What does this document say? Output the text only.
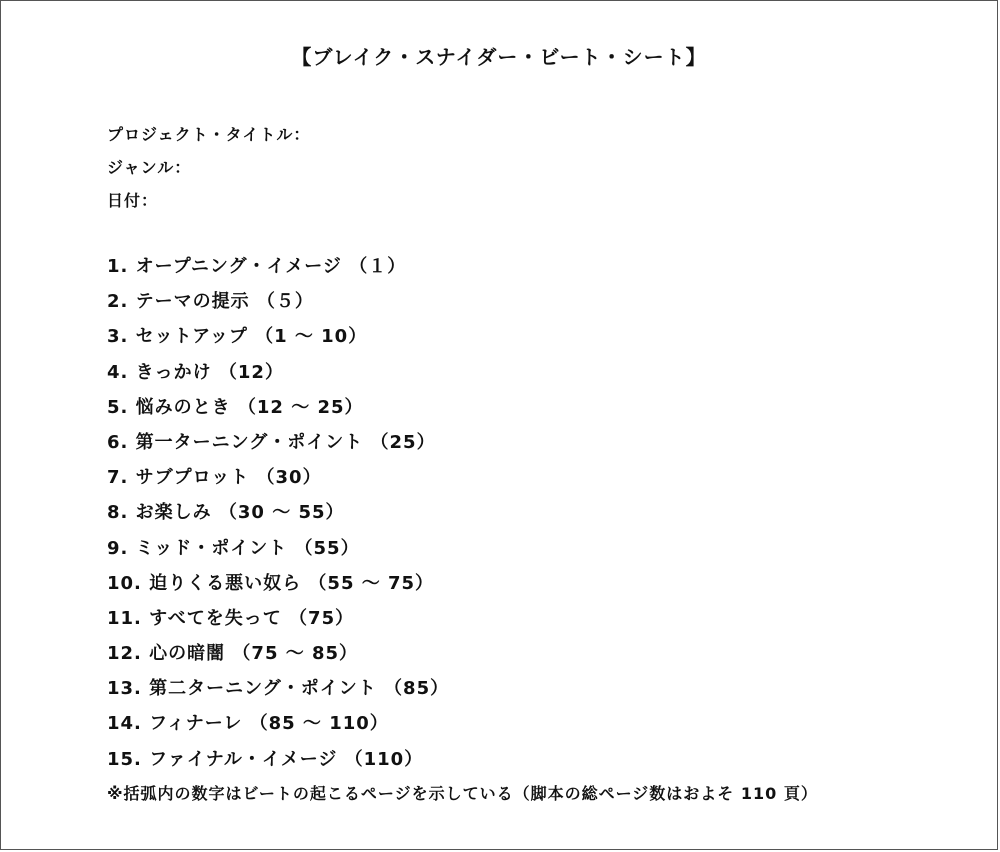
【ブレイク・スナイダー・ビート・シート】
プロジェクト・タイトル：
ジャンル：
日付：
1. オープニング・イメージ （１）
2. テーマの提示 （５）
3. セットアップ （1 ～ 10）
4. きっかけ （12）
5. 悩みのとき （12 ～ 25）
6. 第一ターニング・ポイント （25）
7. サブプロット （30）
8. お楽しみ （30 ～ 55）
9. ミッド・ポイント （55）
10. 迫りくる悪い奴ら （55 ～ 75）
11. すべてを失って （75）
12. 心の暗闇 （75 ～ 85）
13. 第二ターニング・ポイント （85）
14. フィナーレ （85 ～ 110）
15. ファイナル・イメージ （110）
※括弧内の数字はビートの起こるページを示している（脚本の総ページ数はおよそ 110 頁）
